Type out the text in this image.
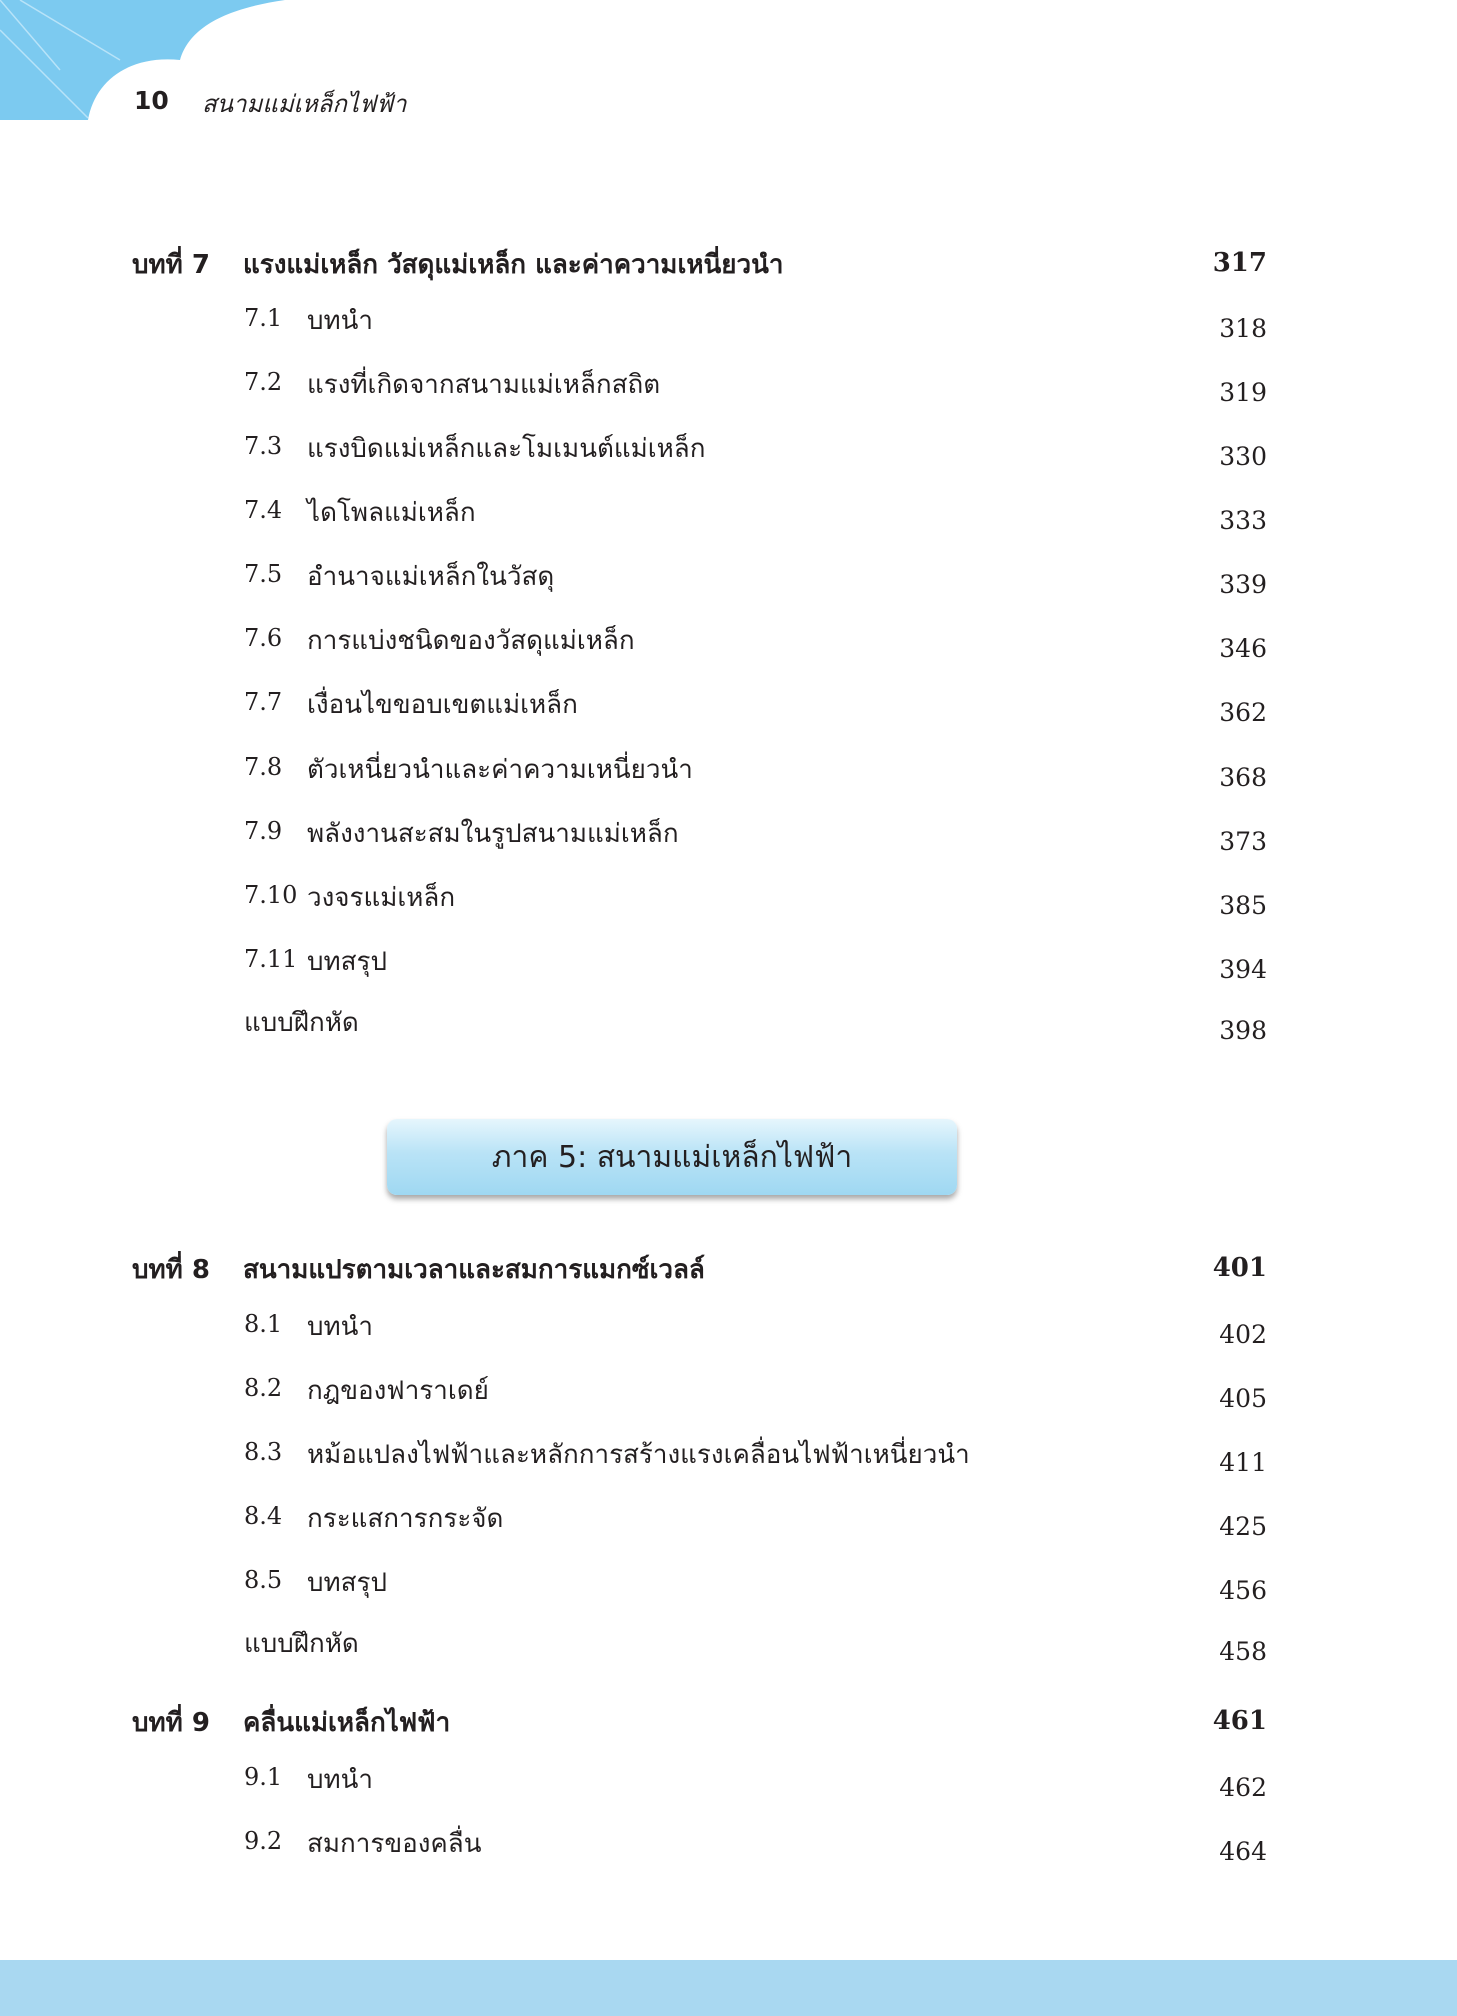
10 สนามแม่เหล็กไฟฟ้า
บทที่ 7 แรงแม่เหล็ก วัสดุแม่เหล็ก และค่าความเหนี่ยวนำ	317
7.1 บทนำ	318
7.2 แรงที่เกิดจากสนามแม่เหล็กสถิต	319
7.3 แรงบิดแม่เหล็กและโมเมนต์แม่เหล็ก	330
7.4 ไดโพลแม่เหล็ก	333
7.5 อำนาจแม่เหล็กในวัสดุ	339
7.6 การแบ่งชนิดของวัสดุแม่เหล็ก	346
7.7 เงื่อนไขขอบเขตแม่เหล็ก	362
7.8 ตัวเหนี่ยวนำและค่าความเหนี่ยวนำ	368
7.9 พลังงานสะสมในรูปสนามแม่เหล็ก	373
7.10 วงจรแม่เหล็ก	385
7.11 บทสรุป	394
แบบฝึกหัด	398
ภาค 5: สนามแม่เหล็กไฟฟ้า
บทที่ 8 สนามแปรตามเวลาและสมการแมกซ์เวลล์	401
8.1 บทนำ	402
8.2 กฎของฟาราเดย์	405
8.3 หม้อแปลงไฟฟ้าและหลักการสร้างแรงเคลื่อนไฟฟ้าเหนี่ยวนำ	411
8.4 กระแสการกระจัด	425
8.5 บทสรุป	456
แบบฝึกหัด	458
บทที่ 9 คลื่นแม่เหล็กไฟฟ้า	461
9.1 บทนำ	462
9.2 สมการของคลื่น	464
